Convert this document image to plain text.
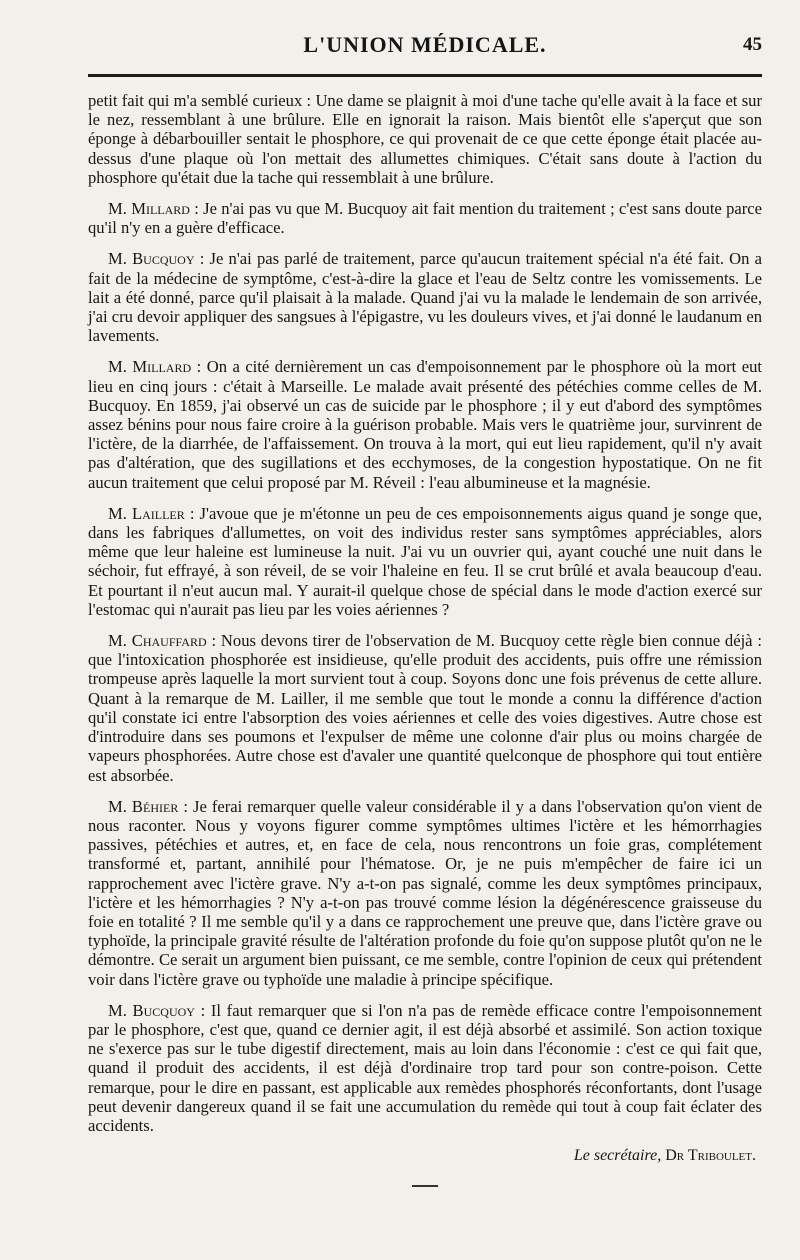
L'UNION MÉDICALE.	45

petit fait qui m'a semblé curieux : Une dame se plaignit à moi d'une tache qu'elle avait à la face et sur le nez, ressemblant à une brûlure. Elle en ignorait la raison. Mais bientôt elle s'aperçut que son éponge à débarbouiller sentait le phosphore, ce qui provenait de ce que cette éponge était placée au-dessus d'une plaque où l'on mettait des allumettes chimiques. C'était sans doute à l'action du phosphore qu'était due la tache qui ressemblait à une brûlure.

M. Millard : Je n'ai pas vu que M. Bucquoy ait fait mention du traitement ; c'est sans doute parce qu'il n'y en a guère d'efficace.

M. Bucquoy : Je n'ai pas parlé de traitement, parce qu'aucun traitement spécial n'a été fait. On a fait de la médecine de symptôme, c'est-à-dire la glace et l'eau de Seltz contre les vomissements. Le lait a été donné, parce qu'il plaisait à la malade. Quand j'ai vu la malade le lendemain de son arrivée, j'ai cru devoir appliquer des sangsues à l'épigastre, vu les douleurs vives, et j'ai donné le laudanum en lavements.

M. Millard : On a cité dernièrement un cas d'empoisonnement par le phosphore où la mort eut lieu en cinq jours : c'était à Marseille. Le malade avait présenté des pétéchies comme celles de M. Bucquoy. En 1859, j'ai observé un cas de suicide par le phosphore ; il y eut d'abord des symptômes assez bénins pour nous faire croire à la guérison probable. Mais vers le quatrième jour, survinrent de l'ictère, de la diarrhée, de l'affaissement. On trouva à la mort, qui eut lieu rapidement, qu'il n'y avait pas d'altération, que des sugillations et des ecchymoses, de la congestion hypostatique. On ne fit aucun traitement que celui proposé par M. Réveil : l'eau albumineuse et la magnésie.

M. Lailler : J'avoue que je m'étonne un peu de ces empoisonnements aigus quand je songe que, dans les fabriques d'allumettes, on voit des individus rester sans symptômes appréciables, alors même que leur haleine est lumineuse la nuit. J'ai vu un ouvrier qui, ayant couché une nuit dans le séchoir, fut effrayé, à son réveil, de se voir l'haleine en feu. Il se crut brûlé et avala beaucoup d'eau. Et pourtant il n'eut aucun mal. Y aurait-il quelque chose de spécial dans le mode d'action exercé sur l'estomac qui n'aurait pas lieu par les voies aériennes ?

M. Chauffard : Nous devons tirer de l'observation de M. Bucquoy cette règle bien connue déjà : que l'intoxication phosphorée est insidieuse, qu'elle produit des accidents, puis offre une rémission trompeuse après laquelle la mort survient tout à coup. Soyons donc une fois prévenus de cette allure. Quant à la remarque de M. Lailler, il me semble que tout le monde a connu la différence d'action qu'il constate ici entre l'absorption des voies aériennes et celle des voies digestives. Autre chose est d'introduire dans ses poumons et l'expulser de même une colonne d'air plus ou moins chargée de vapeurs phosphorées. Autre chose est d'avaler une quantité quelconque de phosphore qui tout entière est absorbée.

M. Béhier : Je ferai remarquer quelle valeur considérable il y a dans l'observation qu'on vient de nous raconter. Nous y voyons figurer comme symptômes ultimes l'ictère et les hémorrhagies passives, pétéchies et autres, et, en face de cela, nous rencontrons un foie gras, complétement transformé et, partant, annihilé pour l'hématose. Or, je ne puis m'empêcher de faire ici un rapprochement avec l'ictère grave. N'y a-t-on pas signalé, comme les deux symptômes principaux, l'ictère et les hémorrhagies ? N'y a-t-on pas trouvé comme lésion la dégénérescence graisseuse du foie en totalité ? Il me semble qu'il y a dans ce rapprochement une preuve que, dans l'ictère grave ou typhoïde, la principale gravité résulte de l'altération profonde du foie qu'on suppose plutôt qu'on ne le démontre. Ce serait un argument bien puissant, ce me semble, contre l'opinion de ceux qui prétendent voir dans l'ictère grave ou typhoïde une maladie à principe spécifique.

M. Bucquoy : Il faut remarquer que si l'on n'a pas de remède efficace contre l'empoisonnement par le phosphore, c'est que, quand ce dernier agit, il est déjà absorbé et assimilé. Son action toxique ne s'exerce pas sur le tube digestif directement, mais au loin dans l'économie : c'est ce qui fait que, quand il produit des accidents, il est déjà d'ordinaire trop tard pour son contre-poison. Cette remarque, pour le dire en passant, est applicable aux remèdes phosphorés réconfortants, dont l'usage peut devenir dangereux quand il se fait une accumulation du remède qui tout à coup fait éclater des accidents.

Le secrétaire, Dr Triboulet.
